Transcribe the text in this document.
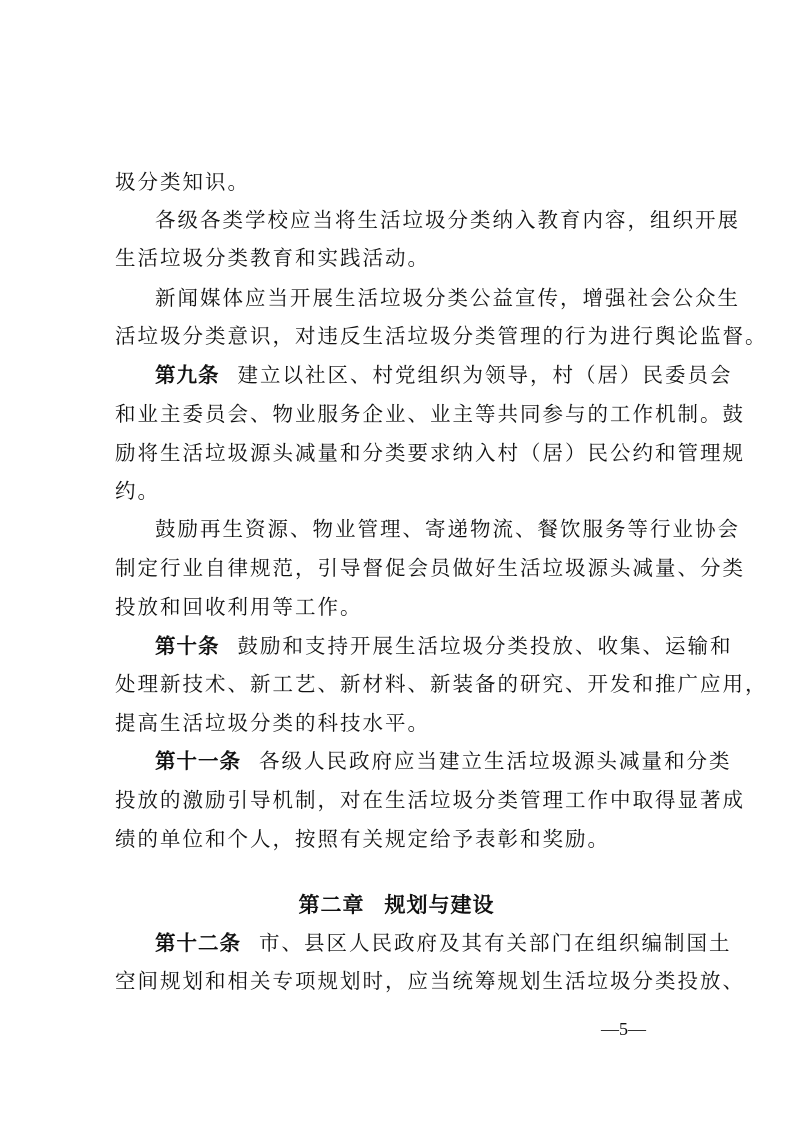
圾分类知识。
各级各类学校应当将生活垃圾分类纳入教育内容，组织开展
生活垃圾分类教育和实践活动。
新闻媒体应当开展生活垃圾分类公益宣传，增强社会公众生
活垃圾分类意识，对违反生活垃圾分类管理的行为进行舆论监督。
第九条 建立以社区、村党组织为领导，村（居）民委员会
和业主委员会、物业服务企业、业主等共同参与的工作机制。鼓
励将生活垃圾源头减量和分类要求纳入村（居）民公约和管理规
约。
鼓励再生资源、物业管理、寄递物流、餐饮服务等行业协会
制定行业自律规范，引导督促会员做好生活垃圾源头减量、分类
投放和回收利用等工作。
第十条 鼓励和支持开展生活垃圾分类投放、收集、运输和
处理新技术、新工艺、新材料、新装备的研究、开发和推广应用，
提高生活垃圾分类的科技水平。
第十一条 各级人民政府应当建立生活垃圾源头减量和分类
投放的激励引导机制，对在生活垃圾分类管理工作中取得显著成
绩的单位和个人，按照有关规定给予表彰和奖励。
第二章 规划与建设
第十二条 市、县区人民政府及其有关部门在组织编制国土
空间规划和相关专项规划时，应当统筹规划生活垃圾分类投放、
—5—
